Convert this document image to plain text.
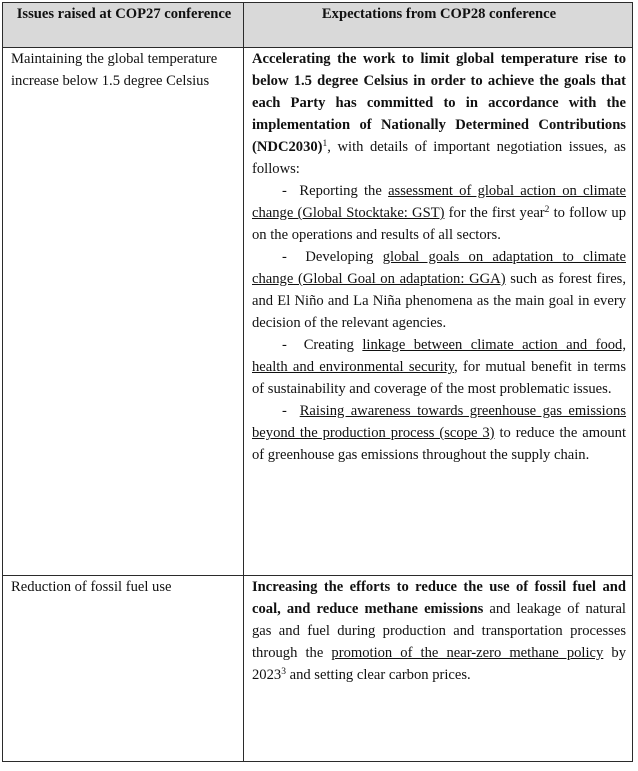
Issues raised at COP27 conference	Expectations from COP28 conference
Maintaining the global temperature increase below 1.5 degree Celsius	Accelerating the work to limit global temperature rise to below 1.5 degree Celsius in order to achieve the goals that each Party has committed to in accordance with the implementation of Nationally Determined Contributions $(NDC2030)^1$, with details of important negotiation issues, as follows:

- Reporting the assessment of global action on climate change (Global Stocktake: GST) for the first year$^2$ to follow up on the operations and results of all sectors.

- Developing global goals on adaptation to climate change (Global Goal on adaptation: GGA) such as forest fires, and El Niño and La Niña phenomena as the main goal in every decision of the relevant agencies.

- Creating linkage between climate action and food, health and environmental security, for mutual benefit in terms of sustainability and coverage of the most problematic issues.

- Raising awareness towards greenhouse gas emissions beyond the production process (scope 3) to reduce the amount of greenhouse gas emissions throughout the supply chain.

Reduction of fossil fuel use	Increasing the efforts to reduce the use of fossil fuel and coal, and reduce methane emissions and leakage of natural gas and fuel during production and transportation processes through the promotion of the near-zero methane policy by 2023$^3$ and setting clear carbon prices.
